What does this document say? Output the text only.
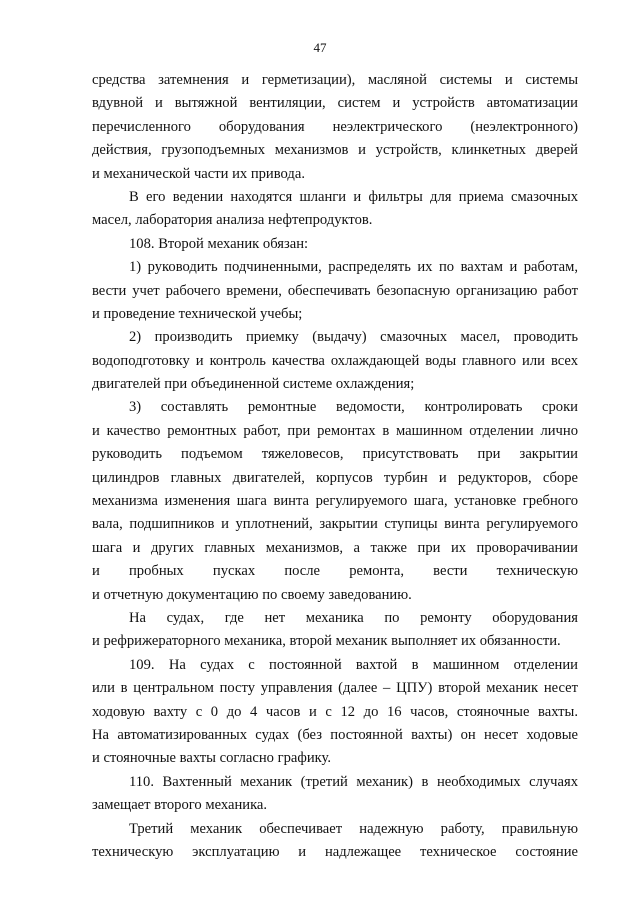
47
средства затемнения и герметизации), масляной системы и системы
вдувной и вытяжной вентиляции, систем и устройств автоматизации
перечисленного оборудования неэлектрического (неэлектронного)
действия, грузоподъемных механизмов и устройств, клинкетных дверей
и механической части их привода.
В его ведении находятся шланги и фильтры для приема смазочных
масел, лаборатория анализа нефтепродуктов.
108. Второй механик обязан:
1) руководить подчиненными, распределять их по вахтам и работам,
вести учет рабочего времени, обеспечивать безопасную организацию работ
и проведение технической учебы;
2) производить приемку (выдачу) смазочных масел, проводить
водоподготовку и контроль качества охлаждающей воды главного или всех
двигателей при объединенной системе охлаждения;
3) составлять ремонтные ведомости, контролировать сроки
и качество ремонтных работ, при ремонтах в машинном отделении лично
руководить подъемом тяжеловесов, присутствовать при закрытии
цилиндров главных двигателей, корпусов турбин и редукторов, сборе
механизма изменения шага винта регулируемого шага, установке гребного
вала, подшипников и уплотнений, закрытии ступицы винта регулируемого
шага и других главных механизмов, а также при их проворачивании
и пробных пусках после ремонта, вести техническую
и отчетную документацию по своему заведованию.
На судах, где нет механика по ремонту оборудования
и рефрижераторного механика, второй механик выполняет их обязанности.
109. На судах с постоянной вахтой в машинном отделении
или в центральном посту управления (далее – ЦПУ) второй механик несет
ходовую вахту с 0 до 4 часов и с 12 до 16 часов, стояночные вахты.
На автоматизированных судах (без постоянной вахты) он несет ходовые
и стояночные вахты согласно графику.
110. Вахтенный механик (третий механик) в необходимых случаях
замещает второго механика.
Третий механик обеспечивает надежную работу, правильную
техническую эксплуатацию и надлежащее техническое состояние
